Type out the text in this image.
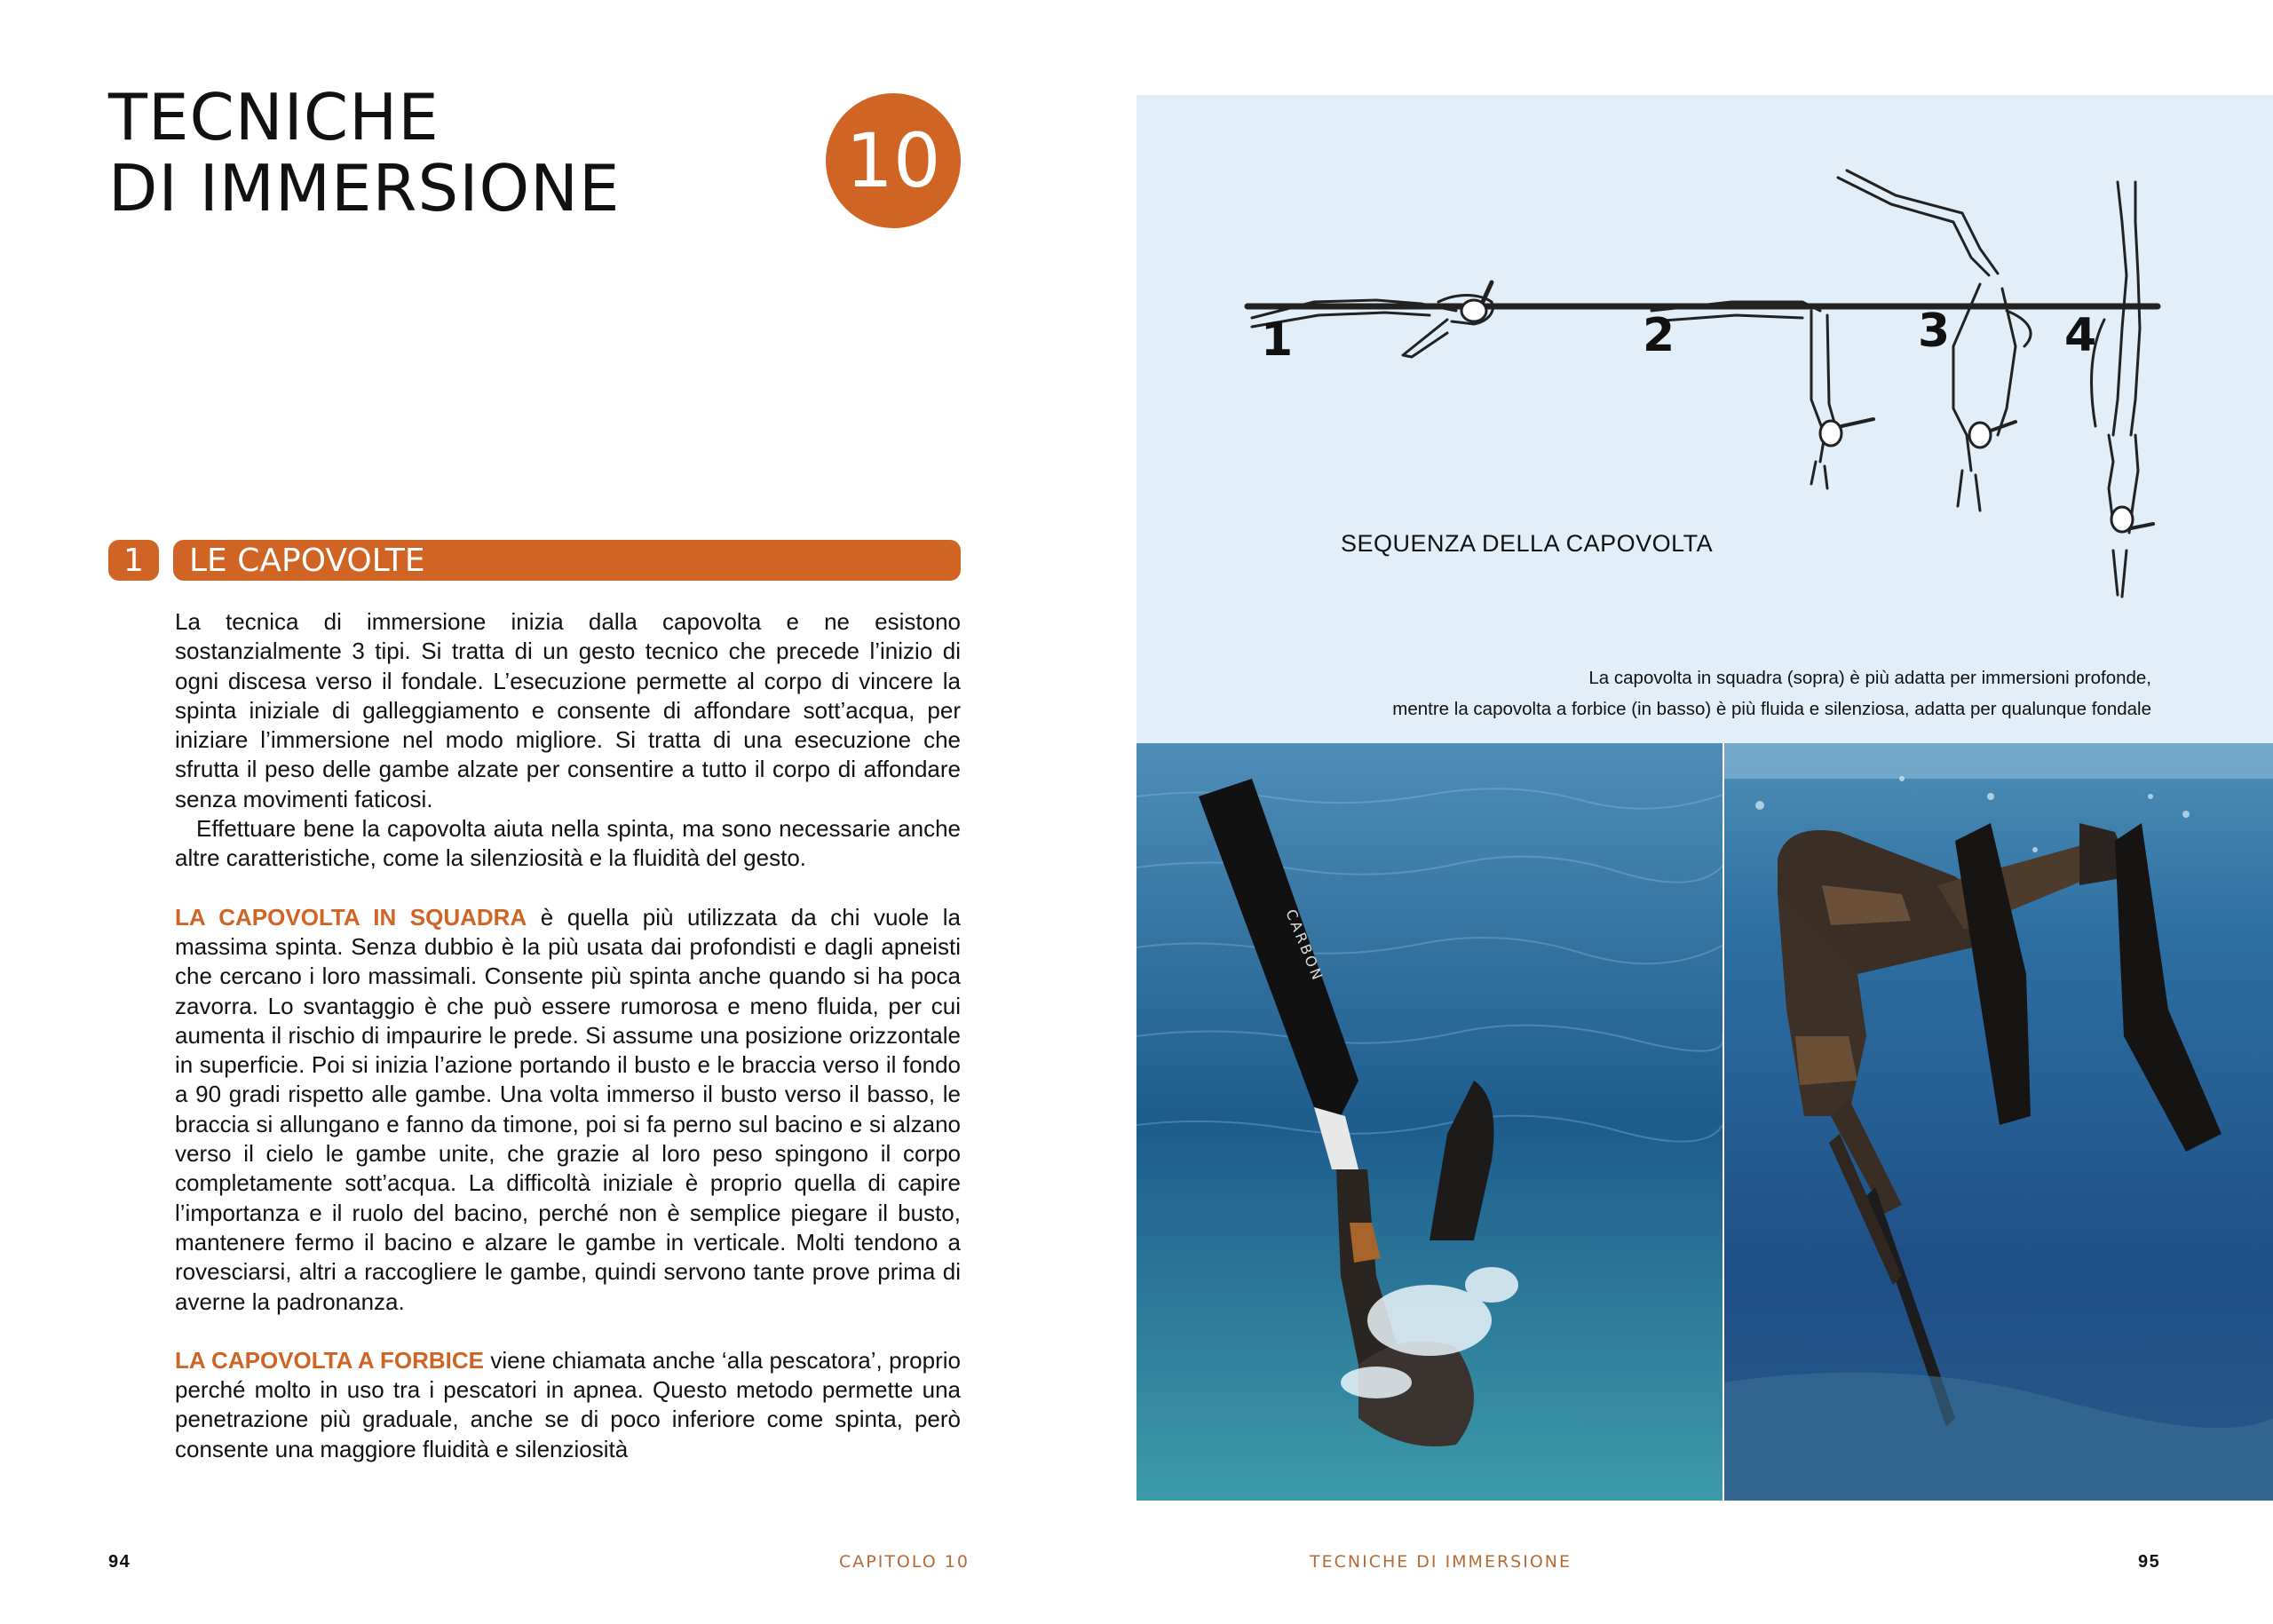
TECNICHE
DI IMMERSIONE	10
1	LE CAPOVOLTE

La tecnica di immersione inizia dalla capovolta e ne esistono sostanzialmente 3 tipi. Si tratta di un gesto tecnico che precede l’inizio di ogni discesa verso il fondale. L’esecuzione permette al corpo di vincere la spinta iniziale di galleggiamento e consente di affondare sott’acqua, per iniziare l’immersione nel modo migliore. Si tratta di una esecuzione che sfrutta il peso delle gambe alzate per consentire a tutto il corpo di affondare senza movimenti faticosi.

Effettuare bene la capovolta aiuta nella spinta, ma sono necessarie anche altre caratteristiche, come la silenziosità e la fluidità del gesto.

LA CAPOVOLTA IN SQUADRA è quella più utilizzata da chi vuole la massima spinta. Senza dubbio è la più usata dai profondisti e dagli apneisti che cercano i loro massimali. Consente più spinta anche quando si ha poca zavorra. Lo svantaggio è che può essere rumorosa e meno fluida, per cui aumenta il rischio di impaurire le prede. Si assume una posizione orizzontale in superficie. Poi si inizia l’azione portando il busto e le braccia verso il fondo a 90 gradi rispetto alle gambe. Una volta immerso il busto verso il basso, le braccia si allungano e fanno da timone, poi si fa perno sul bacino e si alzano verso il cielo le gambe unite, che grazie al loro peso spingono il corpo completamente sott’acqua. La difficoltà iniziale è proprio quella di capire l’importanza e il ruolo del bacino, perché non è semplice piegare il busto, mantenere fermo il bacino e alzare le gambe in verticale. Molti tendono a rovesciarsi, altri a raccogliere le gambe, quindi servono tante prove prima di averne la padronanza.

LA CAPOVOLTA A FORBICE viene chiamata anche ‘alla pescatora’, proprio perché molto in uso tra i pescatori in apnea. Questo metodo permette una penetrazione più graduale, anche se di poco inferiore come spinta, però consente una maggiore fluidità e silenziosità

94	CAPITOLO 10
1	2	3 4
SEQUENZA DELLA CAPOVOLTA
La capovolta in squadra (sopra) è più adatta per immersioni profonde,
mentre la capovolta a forbice (in basso) è più fluida e silenziosa, adatta per qualunque fondale
CARBON
TECNICHE DI IMMERSIONE	95
